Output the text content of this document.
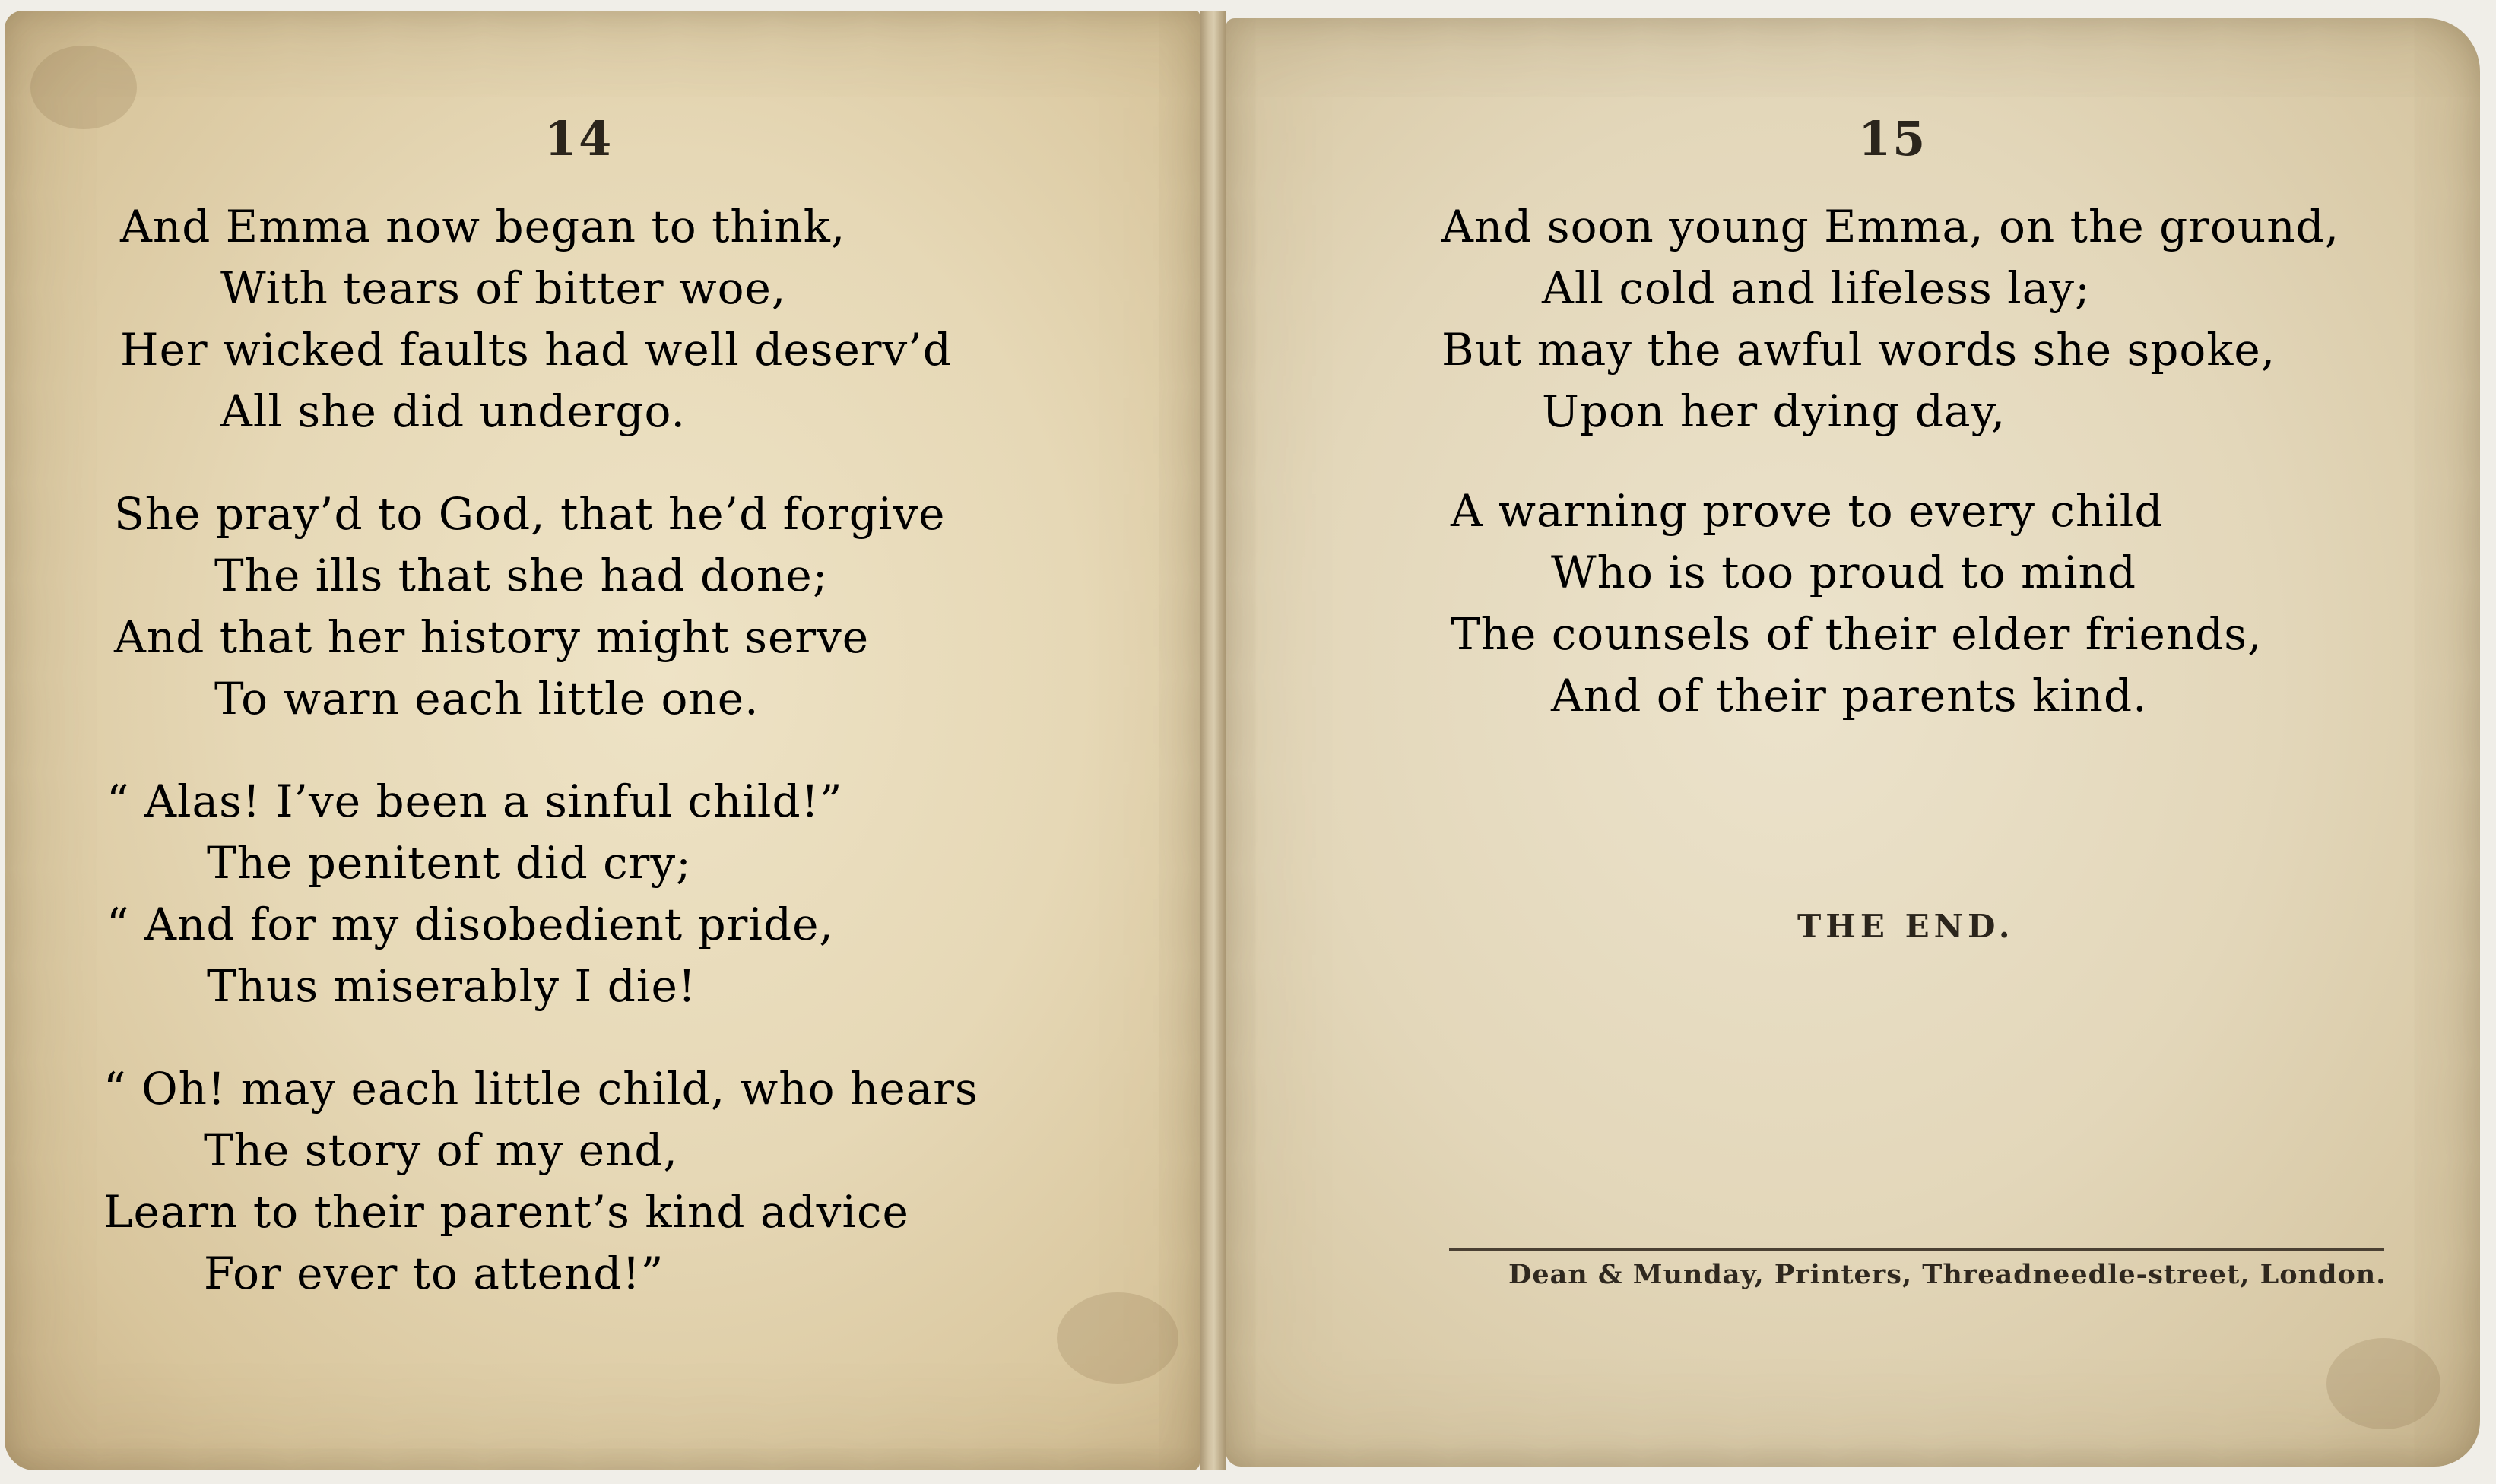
14
And Emma now began to think,
With tears of bitter woe,
Her wicked faults had well deserv’d
All she did undergo.
She pray’d to God, that he’d forgive
The ills that she had done;
And that her history might serve
To warn each little one.
“ Alas! I’ve been a sinful child!”
The penitent did cry;
“ And for my disobedient pride,
Thus miserably I die!
“ Oh! may each little child, who hears
The story of my end,
Learn to their parent’s kind advice
For ever to attend!”
15
And soon young Emma, on the ground,
All cold and lifeless lay;
But may the awful words she spoke,
Upon her dying day,
A warning prove to every child
Who is too proud to mind
The counsels of their elder friends,
And of their parents kind.
THE END.
Dean & Munday, Printers, Threadneedle-street, London.
